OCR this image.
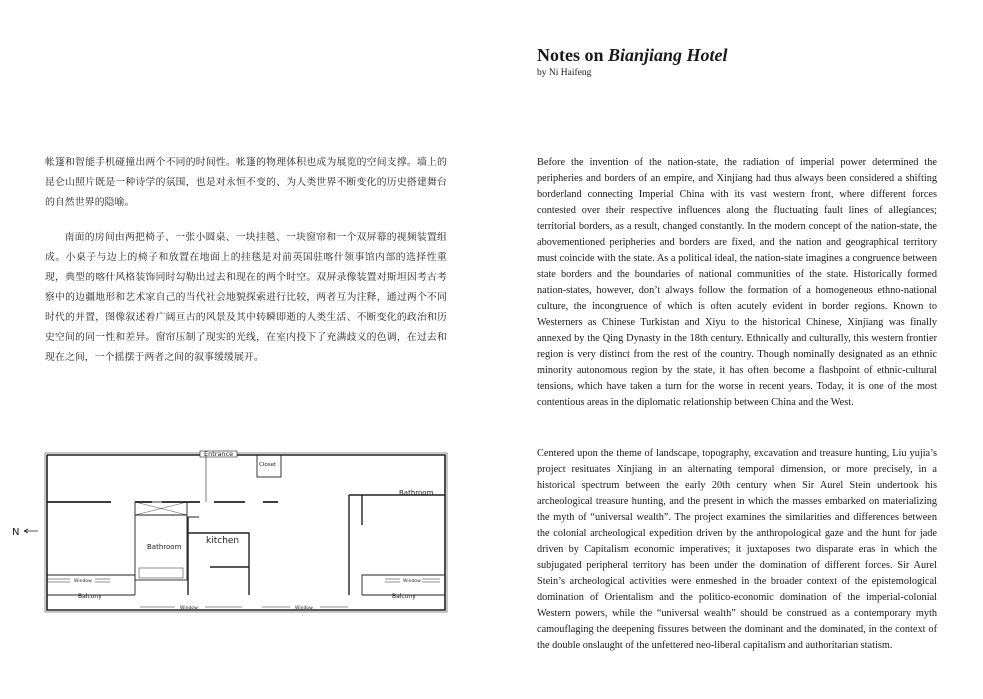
Notes on Bianjiang Hotel
by Ni Haifeng
帐篷和智能手机碰撞出两个不同的时间性。帐篷的物理体积也成为展览的空间支撑。墙上的昆仑山照片既是一种诗学的氛围，也是对永恒不变的、为人类世界不断变化的历史搭建舞台的自然世界的隐喻。
南面的房间由两把椅子、一张小圆桌、一块挂毯、一块窗帘和一个双屏幕的视频装置组成。小桌子与边上的椅子和放置在地面上的挂毯是对前英国驻喀什领事馆内部的选择性重现，典型的喀什风格装饰同时勾勒出过去和现在的两个时空。双屏录像装置对斯坦因考古考察中的边疆地形和艺术家自己的当代社会地貌探索进行比较，两者互为注释，通过两个不同时代的并置，图像叙述着广阔亘古的风景及其中转瞬即逝的人类生活、不断变化的政治和历史空间的同一性和差异。窗帘压制了现实的光线，在室内投下了充满歧义的色调，在过去和现在之间，一个摇摆于两者之间的叙事缓缓展开。
Before the invention of the nation-state, the radiation of imperial power determined the peripheries and borders of an empire, and Xinjiang had thus always been considered a shifting borderland connecting Imperial China with its vast western front, where different forces contested over their respective influences along the fluctuating fault lines of allegiances; territorial borders, as a result, changed constantly. In the modern concept of the nation-state, the abovementioned peripheries and borders are fixed, and the nation and geographical territory must coincide with the state. As a political ideal, the nation-state imagines a congruence between state borders and the boundaries of national communities of the state. Historically formed nation-states, however, don’t always follow the formation of a homogeneous ethno-national culture, the incongruence of which is often acutely evident in border regions. Known to Westerners as Chinese Turkistan and Xiyu to the historical Chinese, Xinjiang was finally annexed by the Qing Dynasty in the 18th century. Ethnically and culturally, this western frontier region is very distinct from the rest of the country. Though nominally designated as an ethnic minority autonomous region by the state, it has often become a flashpoint of ethnic-cultural tensions, which have taken a turn for the worse in recent years. Today, it is one of the most contentious areas in the diplomatic relationship between China and the West.
Centered upon the theme of landscape, topography, excavation and treasure hunting, Liu yujia’s project resituates Xinjiang in an alternating temporal dimension, or more precisely, in a historical spectrum between the early 20th century when Sir Aurel Stein undertook his archeological treasure hunting, and the present in which the masses embarked on materializing the myth of “universal wealth”. The project examines the similarities and differences between the colonial archeological expedition driven by the anthropological gaze and the hunt for jade driven by Capitalism economic imperatives; it juxtaposes two disparate eras in which the subjugated peripheral territory has been under the domination of different forces. Sir Aurel Stein’s archeological activities were enmeshed in the broader context of the epistemological domination of Orientalism and the politico-economic domination of the imperial-colonial Western powers, while the “universal wealth” should be construed as a contemporary myth camouflaging the deepening fissures between the dominant and the dominated, in the context of the double onslaught of the unfettered neo-liberal capitalism and authoritarian statism.
Entrance
Closet
Bathroom
Bathroom
kitchen
Window	Window
Window	Window
Balcony	Balcony
N
